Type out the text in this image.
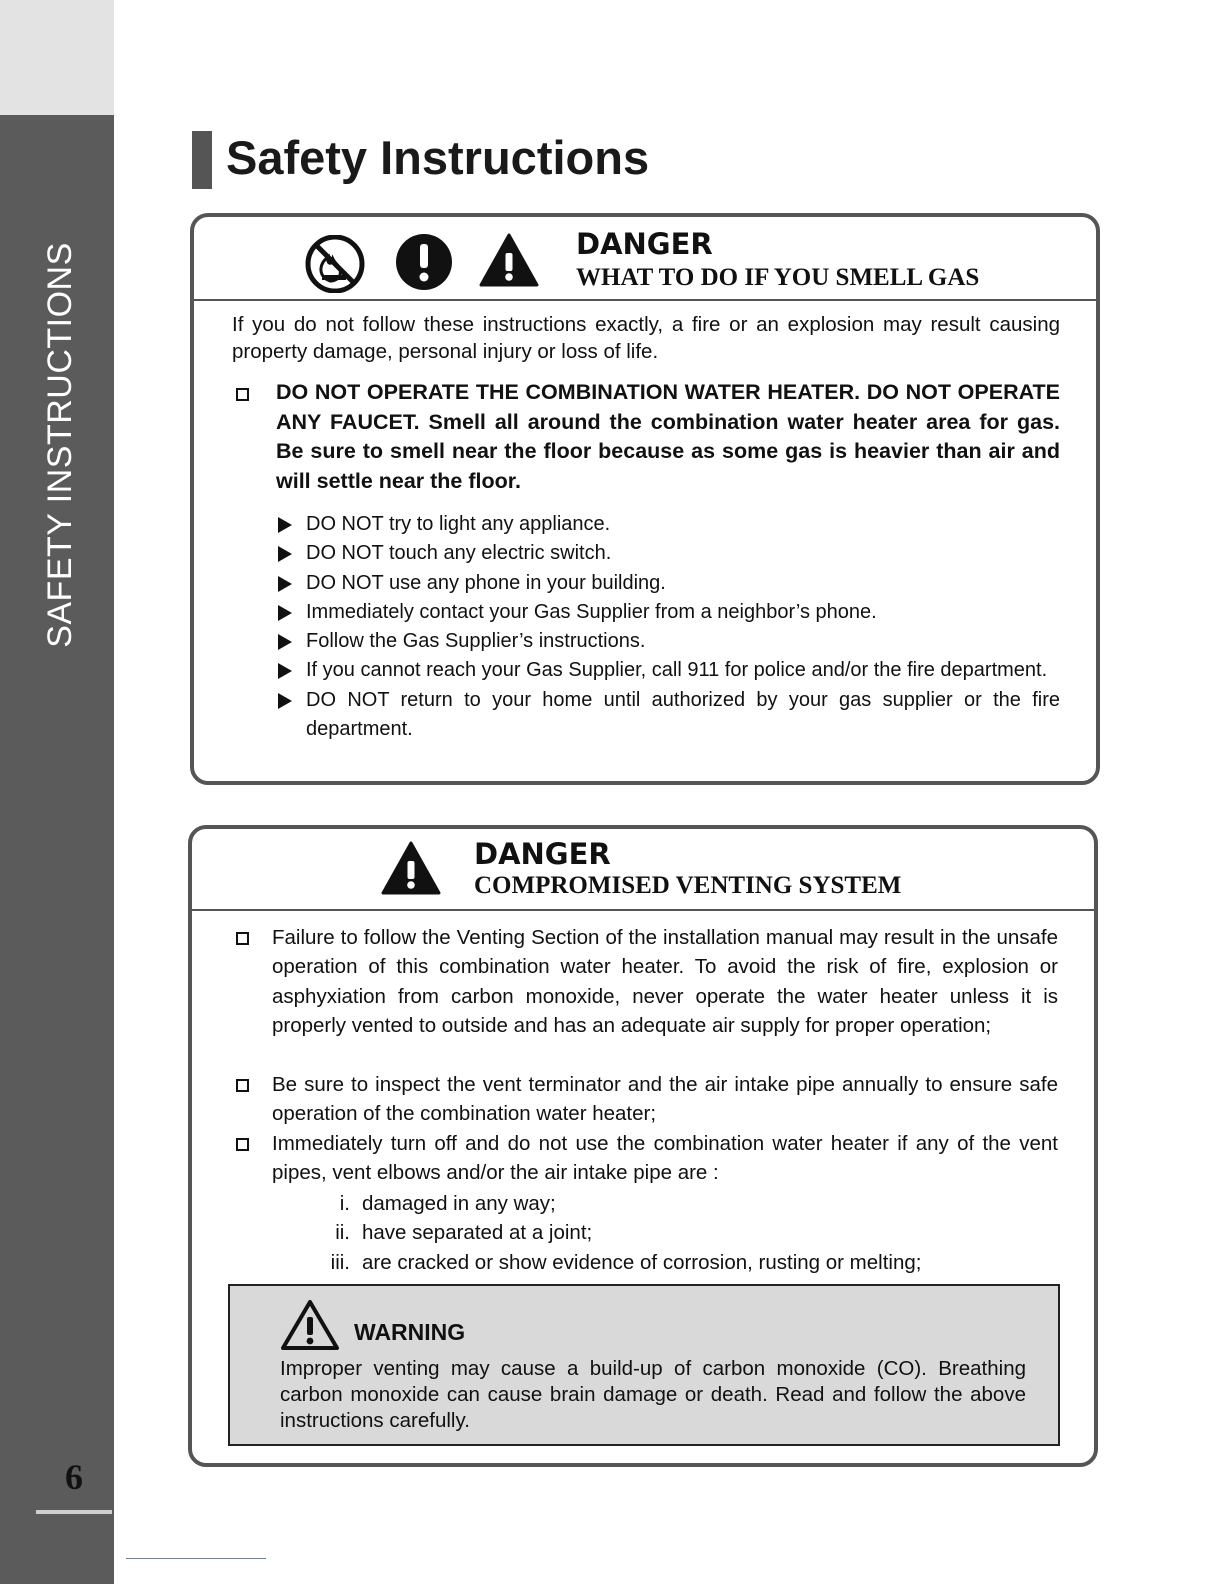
SAFETY INSTRUCTIONS
6
Safety Instructions
DANGER
WHAT TO DO IF YOU SMELL GAS

If you do not follow these instructions exactly, a fire or an explosion may result causing property damage, personal injury or loss of life.

DO NOT OPERATE THE COMBINATION WATER HEATER. DO NOT OPERATE ANY FAUCET. Smell all around the combination water heater area for gas. Be sure to smell near the floor because as some gas is heavier than air and will settle near the floor.

DO NOT try to light any appliance.
DO NOT touch any electric switch.
DO NOT use any phone in your building.
Immediately contact your Gas Supplier from a neighbor’s phone.
Follow the Gas Supplier’s instructions.
If you cannot reach your Gas Supplier, call 911 for police and/or the fire department.
DO NOT return to your home until authorized by your gas supplier or the fire department.
DANGER
COMPROMISED VENTING SYSTEM

Failure to follow the Venting Section of the installation manual may result in the unsafe operation of this combination water heater. To avoid the risk of fire, explosion or asphyxiation from carbon monoxide, never operate the water heater unless it is properly vented to outside and has an adequate air supply for proper operation;

Be sure to inspect the vent terminator and the air intake pipe annually to ensure safe operation of the combination water heater;

Immediately turn off and do not use the combination water heater if any of the vent pipes, vent elbows and/or the air intake pipe are :

i. damaged in any way;
ii. have separated at a joint;
iii. are cracked or show evidence of corrosion, rusting or melting;
WARNING

Improper venting may cause a build-up of carbon monoxide (CO). Breathing carbon monoxide can cause brain damage or death. Read and follow the above instructions carefully.
